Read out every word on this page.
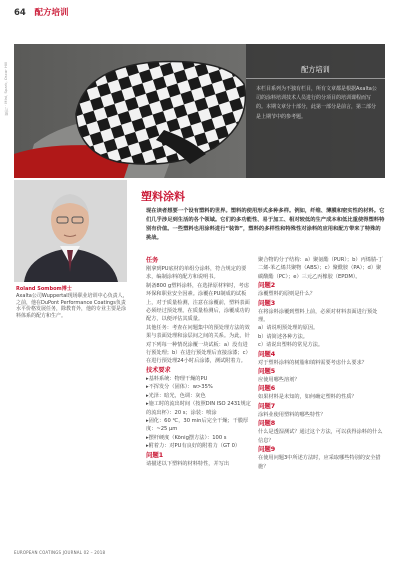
64 配方培训
照片：Mini, Spark, Oscar Hill	配方培训
本栏目系列为不独有栏目，所有文章都是根据Axalta公司的涂料培训技术人员进行的分项目的培训课程而写的。本期文章分十部分，此第一部分是前言，第二部分是上期节中的参考题。
Roland Sombom博士
Axalta公司Wuppertal现场职业培训中心负责人，之前，他在DuPont Performance Coatings负责水平价格发展任务，除教育外，他的专业主要是涂料体系的配方和生产。
塑料涂料
现在读者想要一个设有塑料的世界。塑料的使用形式多种多样。例如，纤维、薄膜和密实性的材料。它们几乎涉足到生活的各个领域。它们的多功能性、易于加工、相对较低的生产成本和低比重使得塑料特别有价值。一些塑料也用涂料进行“装饰”，塑料的多样性和特殊性对涂料的应用和配方带来了特殊的挑战。
任务

刚拿到PU底材的单组分涂料，符合规定的要求，编制涂料的配方和说明书。

制备800 g塑料涂料，在选择原材料时，考虑环保和职业安全因素。涂覆在PU制成的试板上，对于质量检测，注意在涂覆前，塑料表面必须经过预处理。在质量检测后，涂覆成功的配方，以便评估其质量。

其他任务：考查在问题集中的预处理方法的效果与表面处理和涂层间之间的关系。为此，针对下列每一种情况涂覆一块试板：a）没有进行预处理；b）在进行预处理后直接涂漆；c）在进行预处理24小时后涂漆，测试附着力。

技术要求

▸基料系统：物理干燥的PU

▸不挥发分（固体）：w>35%

▸光泽：暗光，色调：灰色

▸施工时的流出时间（按照DIN ISO 2431规定的流出杯）：20 s；涂装：喷涂

▸固化：60 ℃，30 min后完全干燥；干膜厚度：~25 μm

▸摆杆硬度（König摆方法）：100 s

▸附着力：对PU有良好的附着力（GT 0）

问题1

请描述以下塑料的材料特性，并写出

聚合物的分子结构：a）聚氨酯（PUR）；b）丙烯腈-丁二烯-苯乙烯共聚物（ABS）；c）聚酰胺（PA）；d）聚碳酸酯（PC）；e）三元乙丙橡胶（EPDM）。

问题2

涂覆塑料的原则是什么？

问题3

在将涂料涂覆到塑料上前，必须对材料表面进行预处理。

a）请说明预处理的原因。

b）请简述各种方法。

c）请说出塑料的常见方法。

问题4

对于塑料涂料的树脂和填料需要考虑什么要求？

问题5

应使用哪些溶剂？

问题6

如果材料是未知的，如何确定塑料的性质？

问题7

涂料业使用塑料的哪些特性？

问题8

什么是透湿测试？通过这个方法，可以获得涂料的什么信息？

问题9

在使用问题3中所述方法时，应采取哪些特别的安全措施？

EUROPEAN COATINGS JOURNAL 02 – 2018
